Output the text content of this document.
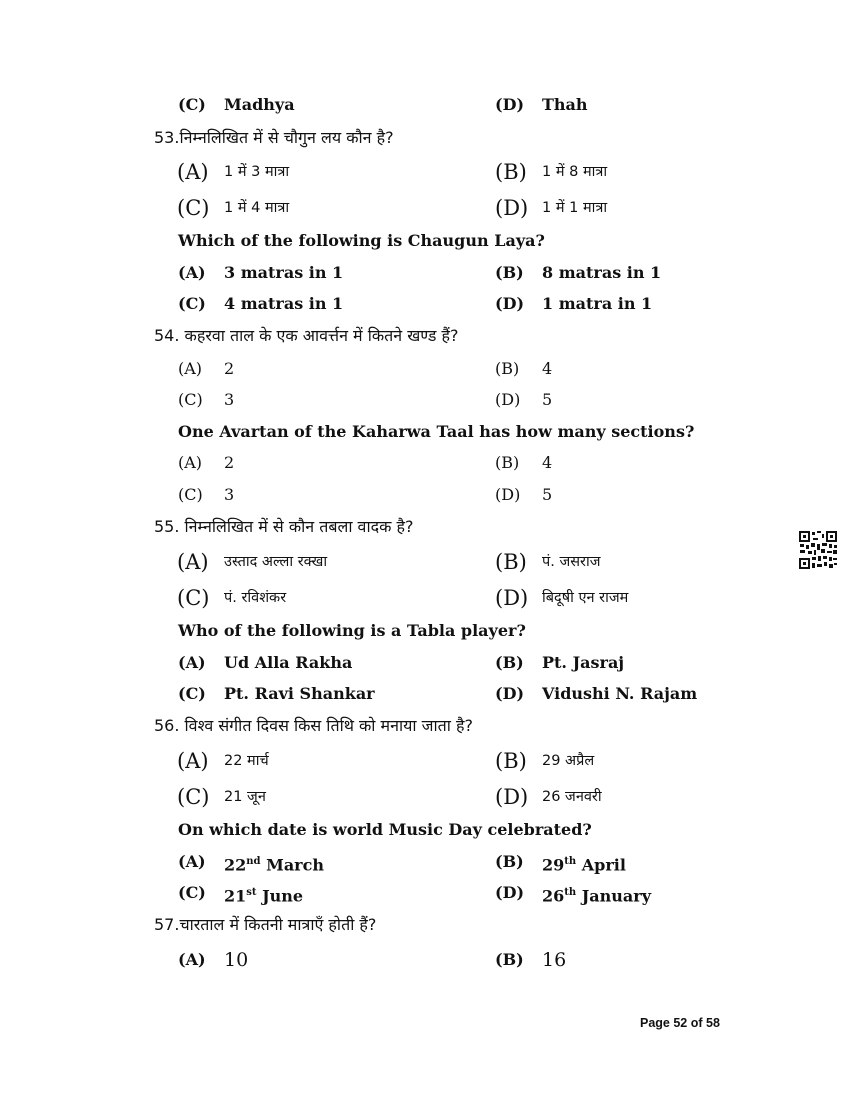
(C) Madhya	(D) Thah
53.निम्नलिखित में से चौगुन लय कौन है?
(A) 1 में 3 मात्रा	(B) 1 में 8 मात्रा
(C) 1 में 4 मात्रा	(D) 1 में 1 मात्रा
Which of the following is Chaugun Laya?
(A) 3 matras in 1	(B) 8 matras in 1
(C) 4 matras in 1	(D) 1 matra in 1
54. कहरवा ताल के एक आवर्त्तन में कितने खण्ड हैं?
(A) 2	(B) 4
(C) 3	(D) 5
One Avartan of the Kaharwa Taal has how many sections?
(A) 2	(B) 4
(C) 3	(D) 5
55. निम्नलिखित में से कौन तबला वादक है?
(A) उस्ताद अल्ला रक्खा	(B) पं. जसराज
(C) पं. रविशंकर	(D) बिदूषी एन राजम
Who of the following is a Tabla player?
(A) Ud Alla Rakha	(B) Pt. Jasraj
(C) Pt. Ravi Shankar	(D) Vidushi N. Rajam
56. विश्व संगीत दिवस किस तिथि को मनाया जाता है?
(A) 22 मार्च	(B) 29 अप्रैल
(C) 21 जून	(D) 26 जनवरी
On which date is world Music Day celebrated?
(A) 22nd March	(B) 29th April
(C) 21st June	(D) 26th January
57.चारताल में कितनी मात्राएँ होती हैं?
(A) 10	(B) 16
Page 52 of 58
